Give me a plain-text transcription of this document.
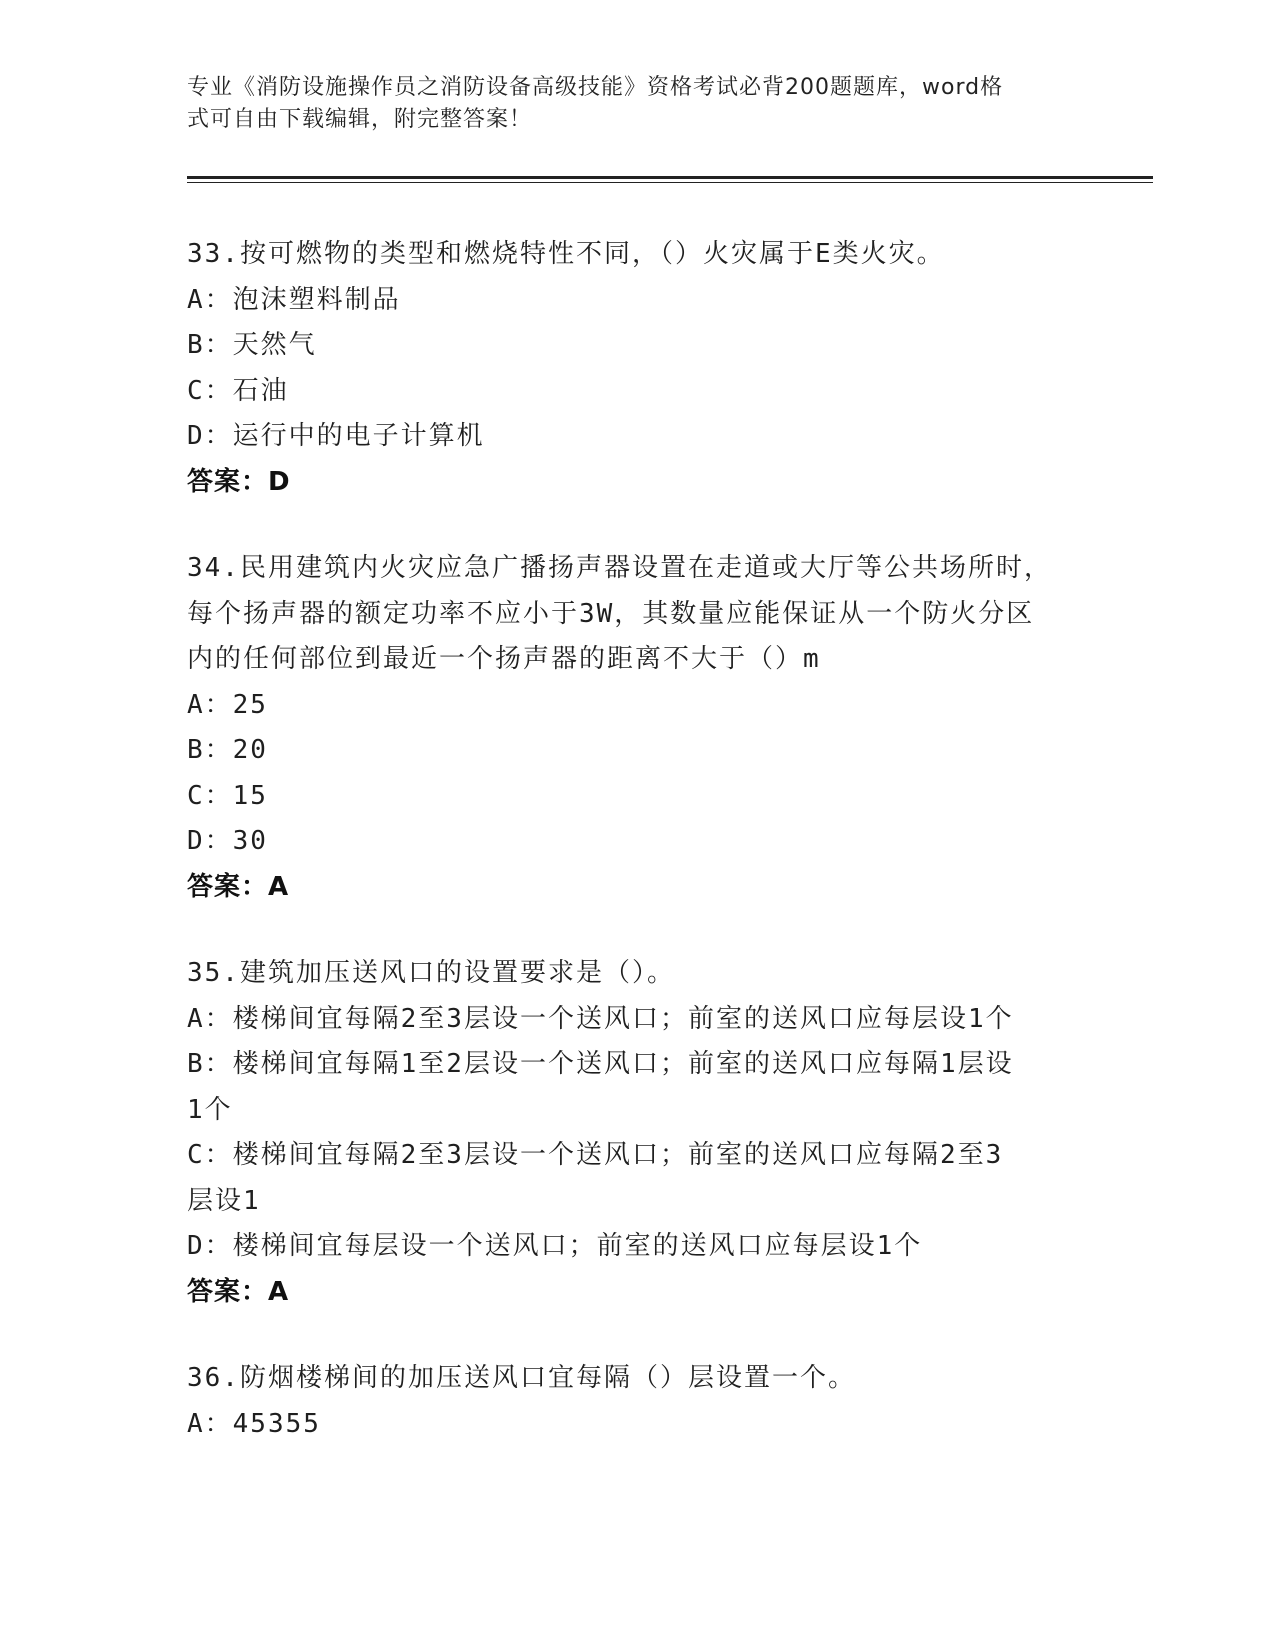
专业《消防设施操作员之消防设备高级技能》资格考试必背200题题库，word格
式可自由下载编辑，附完整答案！
33.按可燃物的类型和燃烧特性不同，（）火灾属于E类火灾。
A：泡沫塑料制品
B：天然气
C：石油
D：运行中的电子计算机
答案：D
34.民用建筑内火灾应急广播扬声器设置在走道或大厅等公共场所时，
每个扬声器的额定功率不应小于3W，其数量应能保证从一个防火分区
内的任何部位到最近一个扬声器的距离不大于（）m
A：25
B：20
C：15
D：30
答案：A
35.建筑加压送风口的设置要求是（）。
A：楼梯间宜每隔2至3层设一个送风口；前室的送风口应每层设1个
B：楼梯间宜每隔1至2层设一个送风口；前室的送风口应每隔1层设
1个
C：楼梯间宜每隔2至3层设一个送风口；前室的送风口应每隔2至3
层设1
D：楼梯间宜每层设一个送风口；前室的送风口应每层设1个
答案：A
36.防烟楼梯间的加压送风口宜每隔（）层设置一个。
A：45355
